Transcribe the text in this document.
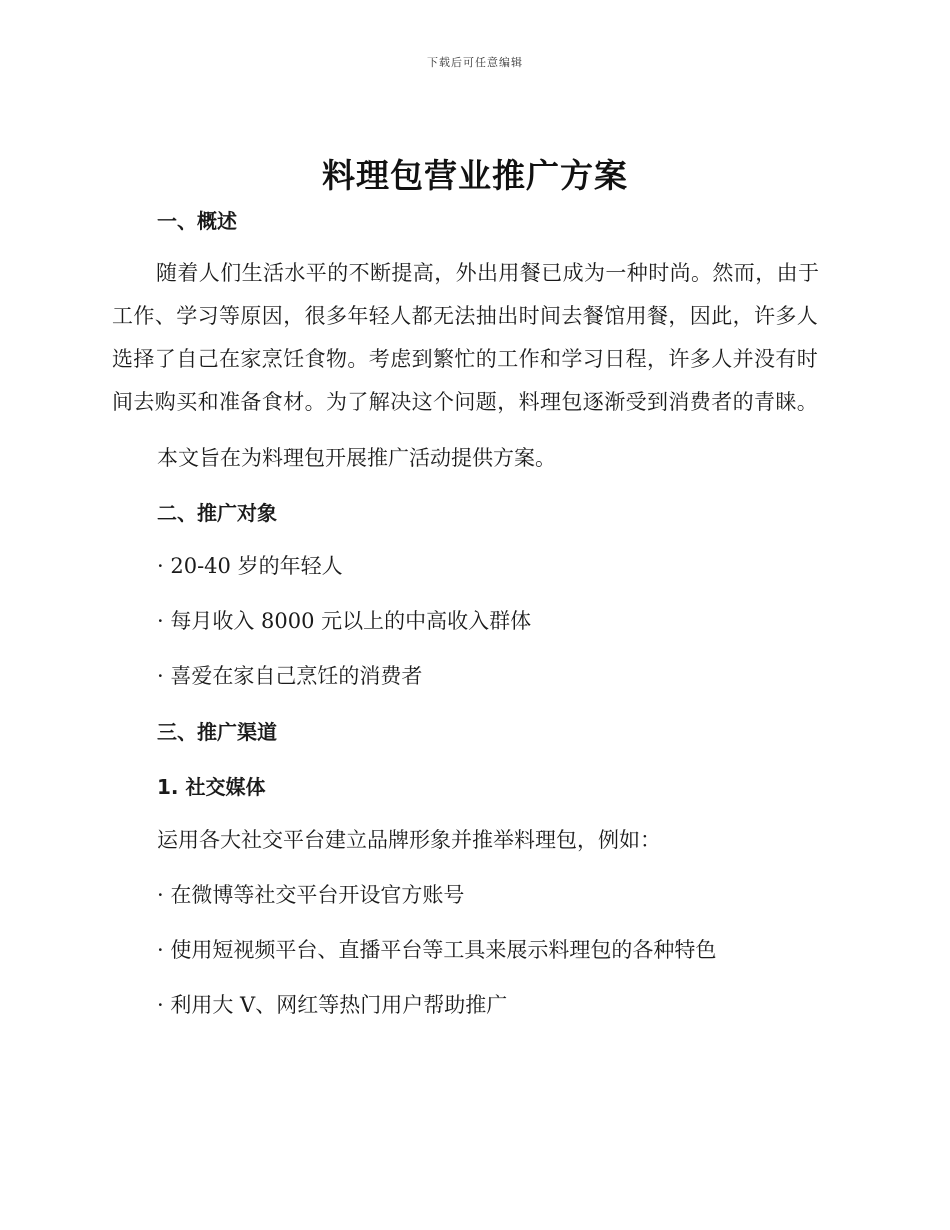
下载后可任意编辑
料理包营业推广方案
一、概述
随着人们生活水平的不断提高，外出用餐已成为一种时尚。然而，由于工作、学习等原因，很多年轻人都无法抽出时间去餐馆用餐，因此，许多人选择了自己在家烹饪食物。考虑到繁忙的工作和学习日程，许多人并没有时间去购买和准备食材。为了解决这个问题，料理包逐渐受到消费者的青睐。
本文旨在为料理包开展推广活动提供方案。
二、推广对象
· 20-40 岁的年轻人
· 每月收入 8000 元以上的中高收入群体
· 喜爱在家自己烹饪的消费者
三、推广渠道
1. 社交媒体
运用各大社交平台建立品牌形象并推举料理包，例如：
· 在微博等社交平台开设官方账号
· 使用短视频平台、直播平台等工具来展示料理包的各种特色
· 利用大 V、网红等热门用户帮助推广
